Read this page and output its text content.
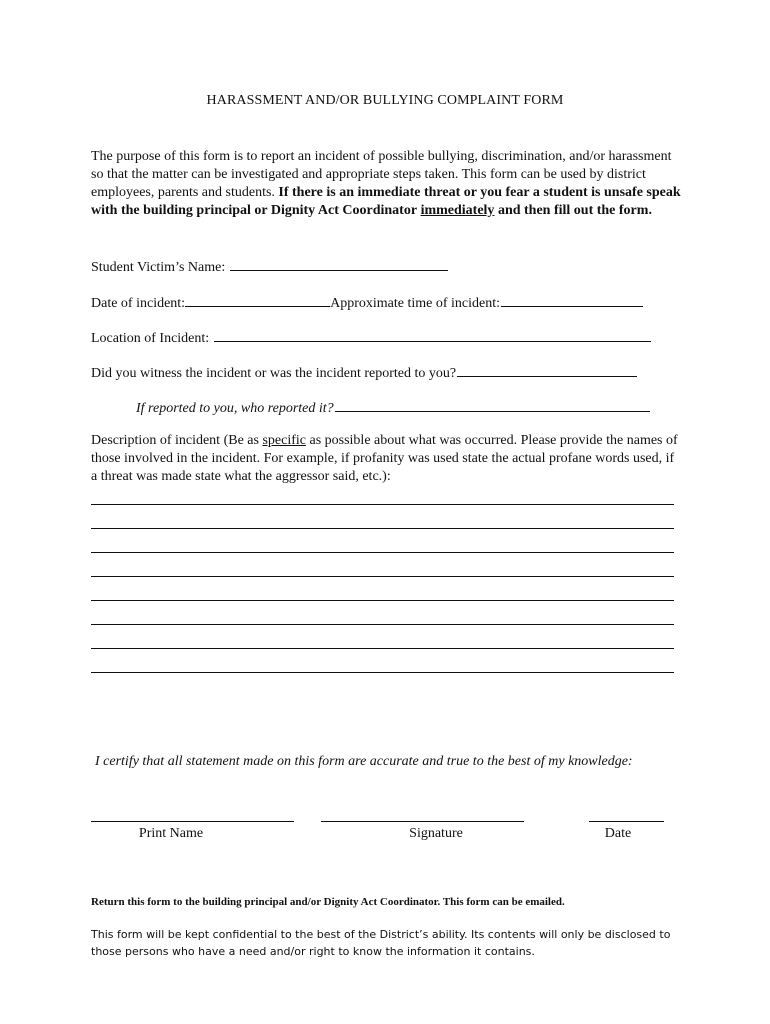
HARASSMENT AND/OR BULLYING COMPLAINT FORM
The purpose of this form is to report an incident of possible bullying, discrimination, and/or harassment so that the matter can be investigated and appropriate steps taken. This form can be used by district employees, parents and students. If there is an immediate threat or you fear a student is unsafe speak with the building principal or Dignity Act Coordinator immediately and then fill out the form.
Student Victim’s Name:
Date of incident:	Approximate time of incident:
Location of Incident:
Did you witness the incident or was the incident reported to you?
If reported to you, who reported it?
Description of incident (Be as specific as possible about what was occurred. Please provide the names of those involved in the incident. For example, if profanity was used state the actual profane words used, if a threat was made state what the aggressor said, etc.):
I certify that all statement made on this form are accurate and true to the best of my knowledge:
Print Name	Signature	Date
Return this form to the building principal and/or Dignity Act Coordinator. This form can be emailed.
This form will be kept confidential to the best of the District’s ability. Its contents will only be disclosed to those persons who have a need and/or right to know the information it contains.
